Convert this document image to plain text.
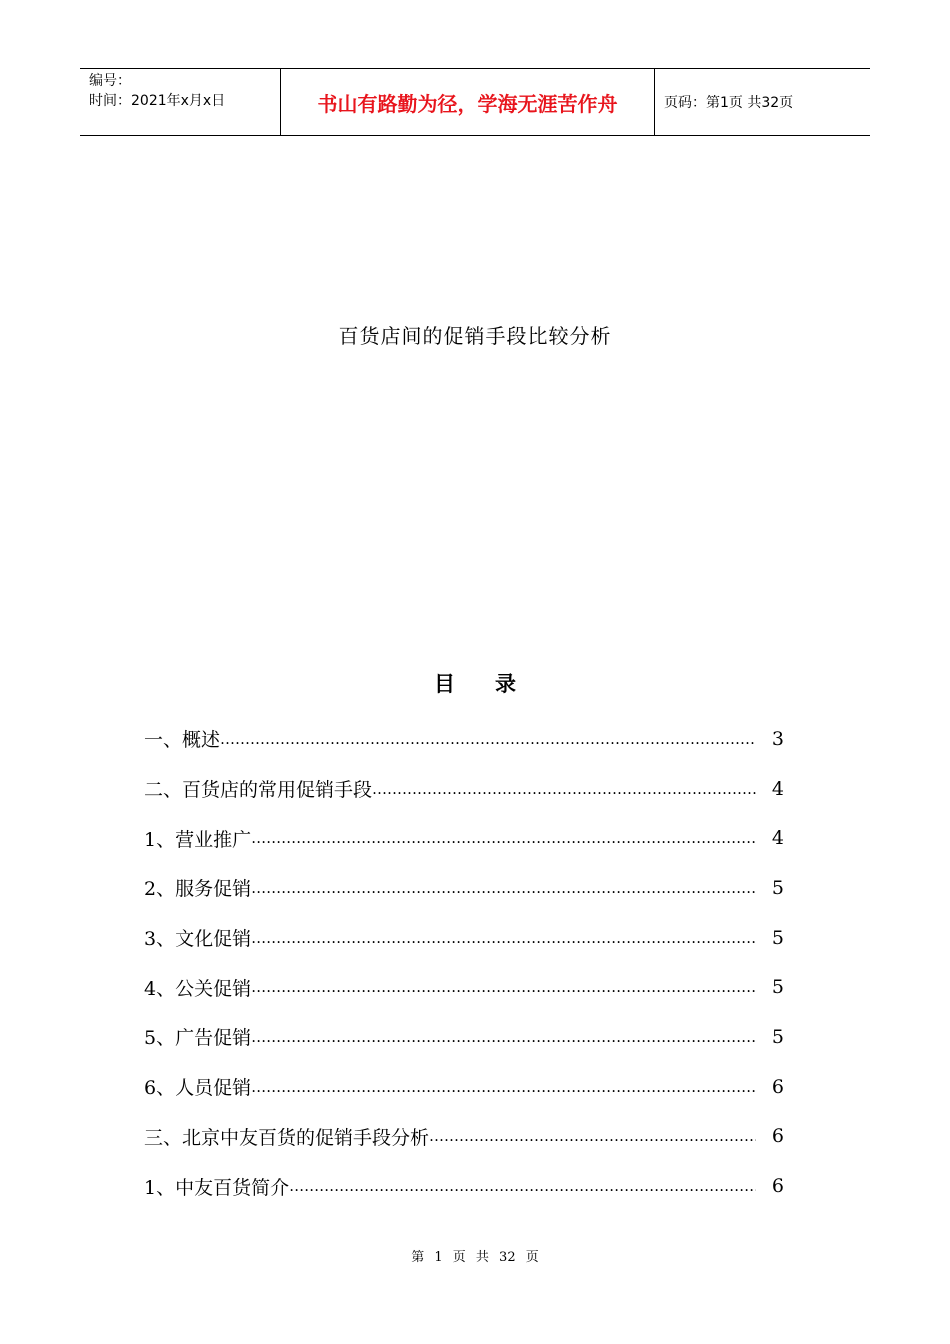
编号：
时间：2021年x月x日	书山有路勤为径，学海无涯苦作舟	页码：第1页 共32页
百货店间的促销手段比较分析
目 录
一、概述 …………………………………………………………………………………………………………………………………………	3
二、百货店的常用促销手段 …………………………………………………………………………………………………………………………………………	4
1、营业推广 …………………………………………………………………………………………………………………………………………	4
2、服务促销 …………………………………………………………………………………………………………………………………………	5
3、文化促销 …………………………………………………………………………………………………………………………………………	5
4、公关促销 …………………………………………………………………………………………………………………………………………	5
5、广告促销 …………………………………………………………………………………………………………………………………………	5
6、人员促销 …………………………………………………………………………………………………………………………………………	6
三、北京中友百货的促销手段分析 …………………………………………………………………………………………………………………………………………	6
1、中友百货简介 …………………………………………………………………………………………………………………………………………	6
第 1 页 共 32 页
